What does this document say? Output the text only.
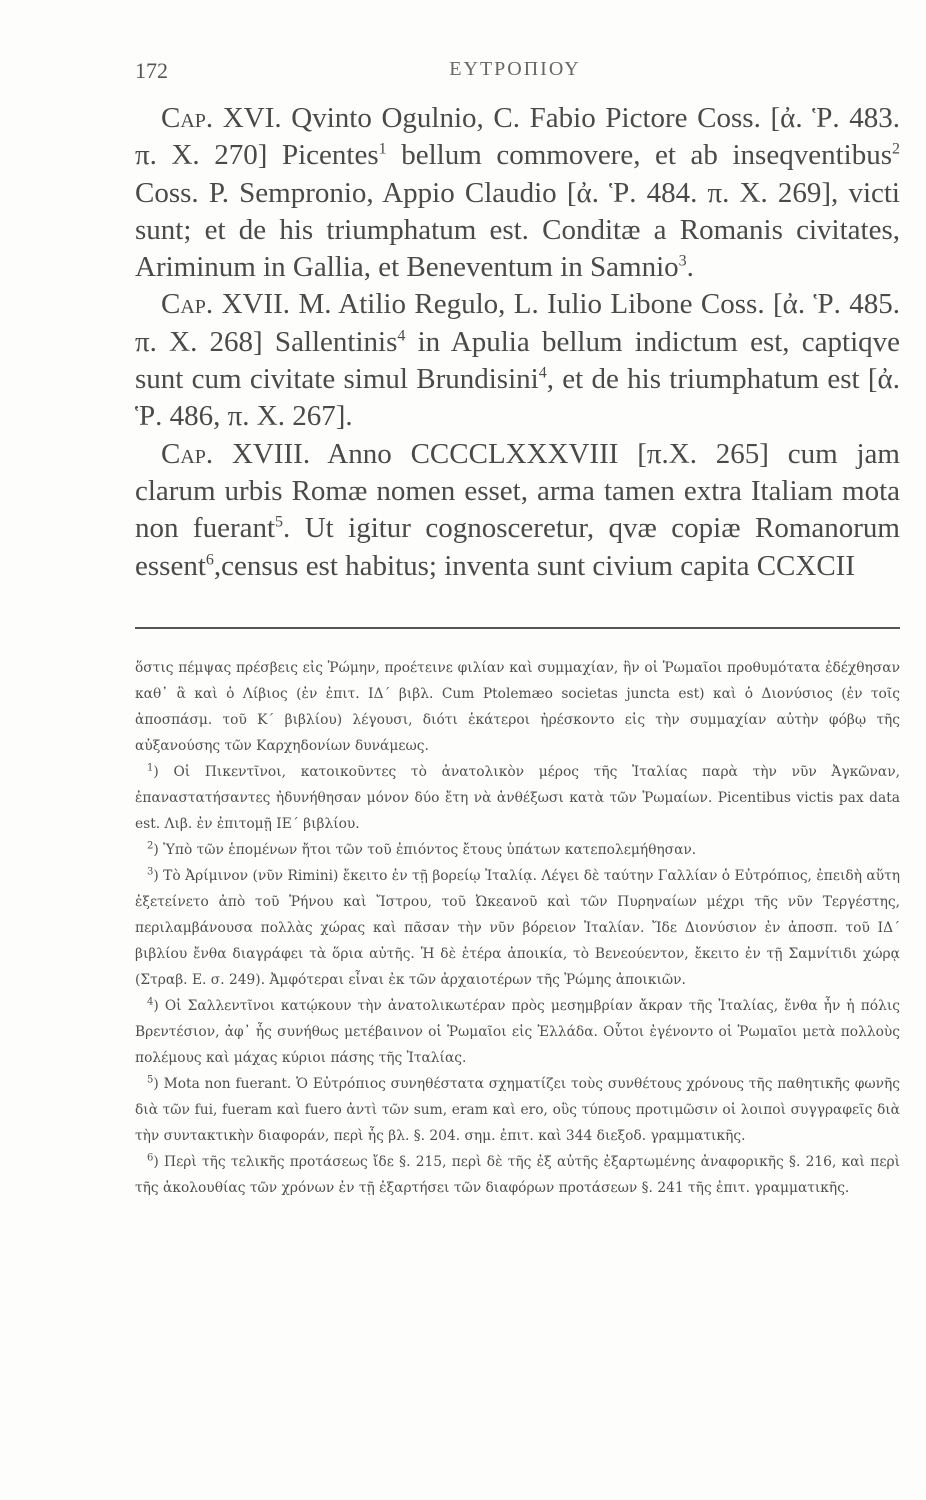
172	ΕΥΤΡΟΠΙΟΥ

Cap. XVI. Qvinto Ogulnio, C. Fabio Pictore Coss. [ἀ. Ῥ. 483. π. Χ. 270] Picentes$^1$ bellum commovere, et ab inseqventibus$^2$ Coss. P. Sempronio, Appio Claudio [ἀ. Ῥ. 484. π. Χ. 269], victi sunt; et de his triumphatum est. Conditæ a Romanis civitates, Ariminum in Gallia, et Beneventum in Samnio$^3$.

Cap. XVII. M. Atilio Regulo, L. Iulio Libone Coss. [ἀ. Ῥ. 485. π. Χ. 268] Sallentinis$^4$ in Apulia bellum indictum est, captiqve sunt cum civitate simul Brundisini$^4$, et de his triumphatum est [ἀ. Ῥ. 486, π. Χ. 267].

Cap. XVIII. Anno CCCCLXXXVIII [π.Χ. 265] cum jam clarum urbis Romæ nomen esset, arma tamen extra Italiam mota non fuerant$^5$. Ut igitur cognosceretur, qvæ copiæ Romanorum essent$^6$,census est habitus; inventa sunt civium capita CCXCII

ὅστις πέμψας πρέσβεις εἰς Ῥώμην, προέτεινε φιλίαν καὶ συμμαχίαν, ἣν οἱ Ῥωμαῖοι προθυμότατα ἐδέχθησαν καθ᾿ ἃ καὶ ὁ Λίβιος (ἐν ἐπιτ. ΙΔ΄ βιβλ. Cum Ptolemæo societas juncta est) καὶ ὁ Διονύσιος (ἐν τοῖς ἀποσπάσμ. τοῦ Κ΄ βιβλίου) λέγουσι, διότι ἑκάτεροι ἠρέσκοντο εἰς τὴν συμμαχίαν αὐτὴν φόβῳ τῆς αὐξανούσης τῶν Καρχηδονίων δυνάμεως.

$^1$) Οἱ Πικεντῖνοι, κατοικοῦντες τὸ ἀνατολικὸν μέρος τῆς Ἰταλίας παρὰ τὴν νῦν Ἀγκῶναν, ἐπαναστατήσαντες ἠδυνήθησαν μόνον δύο ἔτη νὰ ἀνθέξωσι κατὰ τῶν Ῥωμαίων. Picentibus victis pax data est. Λιβ. ἐν ἐπιτομῇ ΙΕ΄ βιβλίου.

$^2$) Ὑπὸ τῶν ἑπομένων ἤτοι τῶν τοῦ ἐπιόντος ἔτους ὑπάτων κατεπολεμήθησαν.

$^3$) Τὸ Ἀρίμινον (νῦν Rimini) ἔκειτο ἐν τῇ βορείῳ Ἰταλίᾳ. Λέγει δὲ ταύτην Γαλλίαν ὁ Εὐτρόπιος, ἐπειδὴ αὕτη ἐξετείνετο ἀπὸ τοῦ Ῥήνου καὶ Ἴστρου, τοῦ Ὠκεανοῦ καὶ τῶν Πυρηναίων μέχρι τῆς νῦν Τεργέστης, περιλαμβάνουσα πολλὰς χώρας καὶ πᾶσαν τὴν νῦν βόρειον Ἰταλίαν. Ἴδε Διονύσιον ἐν ἀποσπ. τοῦ ΙΔ΄ βιβλίου ἔνθα διαγράφει τὰ ὅρια αὐτῆς. Ἡ δὲ ἑτέρα ἀποικία, τὸ Βενεούεντον, ἔκειτο ἐν τῇ Σαμνίτιδι χώρᾳ (Στραβ. Ε. σ. 249). Ἀμφότεραι εἶναι ἐκ τῶν ἀρχαιοτέρων τῆς Ῥώμης ἀποικιῶν.

$^4$) Οἱ Σαλλεντῖνοι κατῴκουν τὴν ἀνατολικωτέραν πρὸς μεσημβρίαν ἄκραν τῆς Ἰταλίας, ἔνθα ἦν ἡ πόλις Βρεντέσιον, ἀφ᾿ ἧς συνήθως μετέβαινον οἱ Ῥωμαῖοι εἰς Ἑλλάδα. Οὗτοι ἐγένοντο οἱ Ῥωμαῖοι μετὰ πολλοὺς πολέμους καὶ μάχας κύριοι πάσης τῆς Ἰταλίας.

$^5$) Mota non fuerant. Ὁ Εὐτρόπιος συνηθέστατα σχηματίζει τοὺς συνθέτους χρόνους τῆς παθητικῆς φωνῆς διὰ τῶν fui, fueram καὶ fuero ἀντὶ τῶν sum, eram καὶ ero, οὓς τύπους προτιμῶσιν οἱ λοιποὶ συγγραφεῖς διὰ τὴν συντακτικὴν διαφοράν, περὶ ἧς βλ. §. 204. σημ. ἐπιτ. καὶ 344 διεξοδ. γραμματικῆς.

$^6$) Περὶ τῆς τελικῆς προτάσεως ἴδε §. 215, περὶ δὲ τῆς ἐξ αὐτῆς ἐξαρτωμένης ἀναφορικῆς §. 216, καὶ περὶ τῆς ἀκολουθίας τῶν χρόνων ἐν τῇ ἐξαρτήσει τῶν διαφόρων προτάσεων §. 241 τῆς ἐπιτ. γραμματικῆς.
